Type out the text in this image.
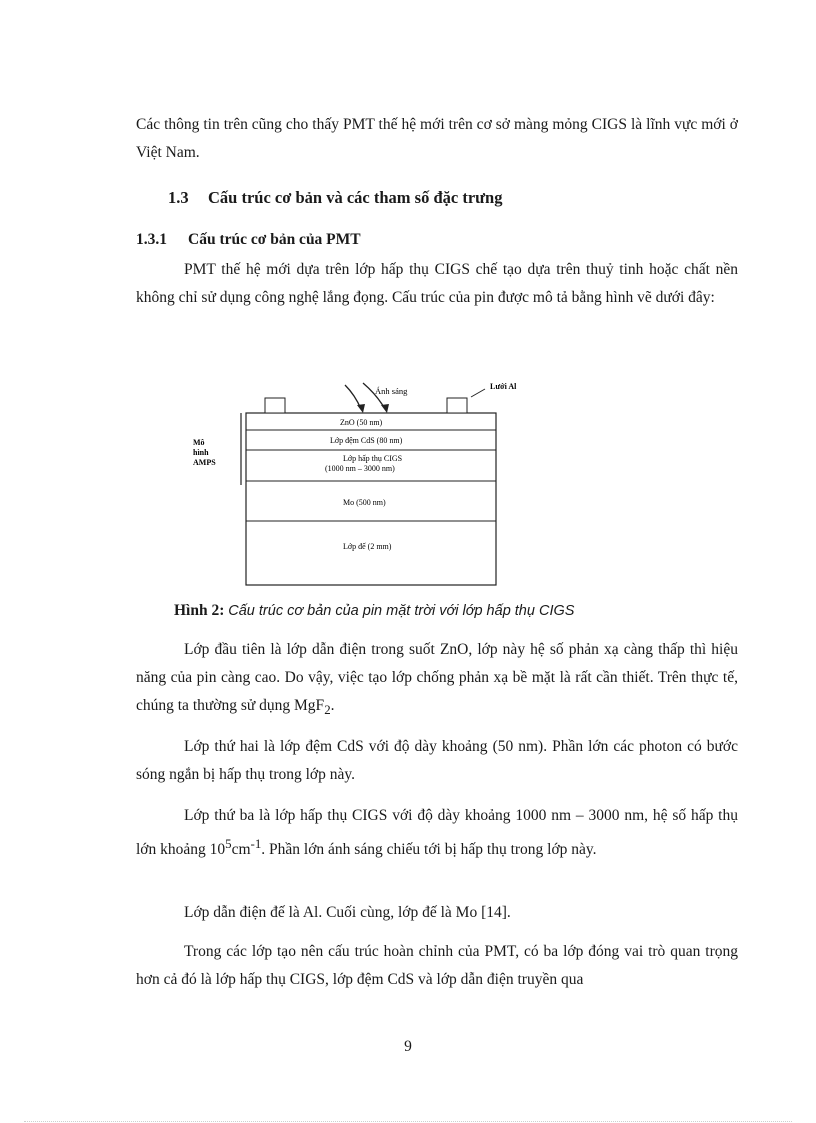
Các thông tin trên cũng cho thấy PMT thế hệ mới trên cơ sở màng mỏng CIGS là lĩnh vực mới ở Việt Nam.

1.3 Cấu trúc cơ bản và các tham số đặc trưng
1.3.1 Cấu trúc cơ bản của PMT

PMT thế hệ mới dựa trên lớp hấp thụ CIGS chế tạo dựa trên thuỷ tinh hoặc chất nền không chỉ sử dụng công nghệ lắng đọng. Cấu trúc của pin được mô tả bằng hình vẽ dưới đây:

Mô
hình
AMPS
Ánh sáng	Lưới Al
ZnO (50 nm)
Lớp đệm CdS (80 nm)
Lớp hấp thụ CIGS
(1000 nm – 3000 nm)
Mo (500 nm)
Lớp đế (2 mm)

Hình 2: Cấu trúc cơ bản của pin mặt trời với lớp hấp thụ CIGS

Lớp đầu tiên là lớp dẫn điện trong suốt ZnO, lớp này hệ số phản xạ càng thấp thì hiệu năng của pin càng cao. Do vậy, việc tạo lớp chống phản xạ bề mặt là rất cần thiết. Trên thực tế, chúng ta thường sử dụng MgF$_2$.

Lớp thứ hai là lớp đệm CdS với độ dày khoảng (50 nm). Phần lớn các photon có bước sóng ngắn bị hấp thụ trong lớp này.

Lớp thứ ba là lớp hấp thụ CIGS với độ dày khoảng 1000 nm – 3000 nm, hệ số hấp thụ lớn khoảng $10^5cm^{-1}$. Phần lớn ánh sáng chiếu tới bị hấp thụ trong lớp này.

Lớp dẫn điện đế là Al. Cuối cùng, lớp đế là Mo [14].

Trong các lớp tạo nên cấu trúc hoàn chỉnh của PMT, có ba lớp đóng vai trò quan trọng hơn cả đó là lớp hấp thụ CIGS, lớp đệm CdS và lớp dẫn điện truyền qua

9
